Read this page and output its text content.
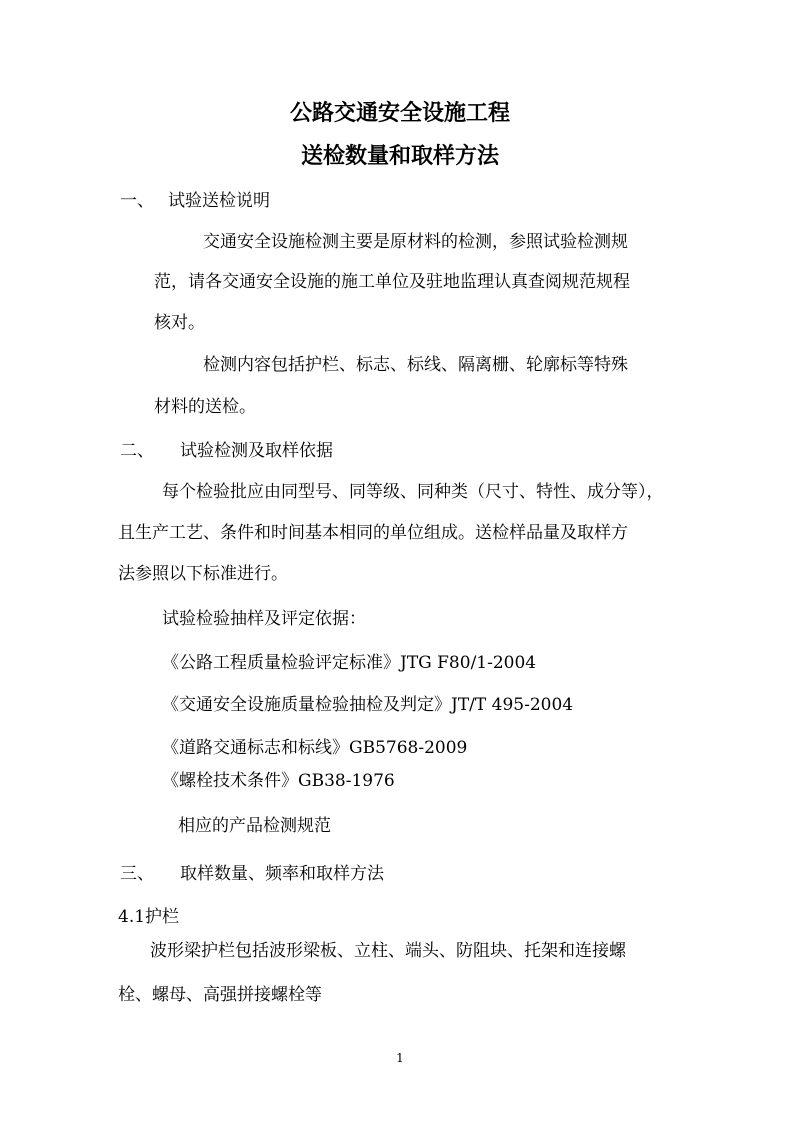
公路交通安全设施工程
送检数量和取样方法
一、 试验送检说明

交通安全设施检测主要是原材料的检测，参照试验检测规

范，请各交通安全设施的施工单位及驻地监理认真查阅规范规程

核对。

检测内容包括护栏、标志、标线、隔离栅、轮廓标等特殊

材料的送检。

二、 试验检测及取样依据

每个检验批应由同型号、同等级、同种类（尺寸、特性、成分等），

且生产工艺、条件和时间基本相同的单位组成。送检样品量及取样方

法参照以下标准进行。

试验检验抽样及评定依据：

《公路工程质量检验评定标准》JTG F80/1-2004

《交通安全设施质量检验抽检及判定》JT/T 495-2004

《道路交通标志和标线》GB5768-2009

《螺栓技术条件》GB38-1976

相应的产品检测规范

三、 取样数量、频率和取样方法

4.1护栏

波形梁护栏包括波形梁板、立柱、端头、防阻块、托架和连接螺

栓、螺母、高强拼接螺栓等

1
